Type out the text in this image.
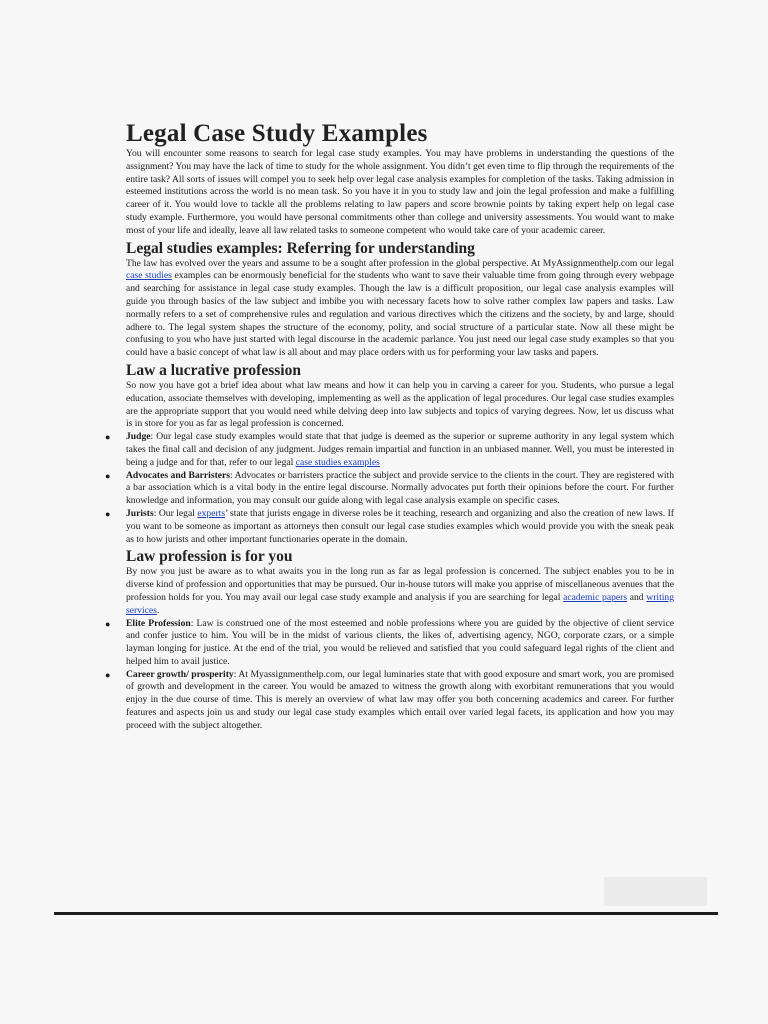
Legal Case Study Examples

You will encounter some reasons to search for legal case study examples. You may have problems in understanding the questions of the assignment? You may have the lack of time to study for the whole assignment. You didn’t get even time to flip through the requirements of the entire task? All sorts of issues will compel you to seek help over legal case analysis examples for completion of the tasks. Taking admission in esteemed institutions across the world is no mean task. So you have it in you to study law and join the legal profession and make a fulfilling career of it. You would love to tackle all the problems relating to law papers and score brownie points by taking expert help on legal case study example. Furthermore, you would have personal commitments other than college and university assessments. You would want to make most of your life and ideally, leave all law related tasks to someone competent who would take care of your academic career.

Legal studies examples: Referring for understanding

The law has evolved over the years and assume to be a sought after profession in the global perspective. At MyAssignmenthelp.com our legal case studies examples can be enormously beneficial for the students who want to save their valuable time from going through every webpage and searching for assistance in legal case study examples. Though the law is a difficult proposition, our legal case analysis examples will guide you through basics of the law subject and imbibe you with necessary facets how to solve rather complex law papers and tasks. Law normally refers to a set of comprehensive rules and regulation and various directives which the citizens and the society, by and large, should adhere to. The legal system shapes the structure of the economy, polity, and social structure of a particular state. Now all these might be confusing to you who have just started with legal discourse in the academic parlance. You just need our legal case study examples so that you could have a basic concept of what law is all about and may place orders with us for performing your law tasks and papers.

Law a lucrative profession

So now you have got a brief idea about what law means and how it can help you in carving a career for you. Students, who pursue a legal education, associate themselves with developing, implementing as well as the application of legal procedures. Our legal case studies examples are the appropriate support that you would need while delving deep into law subjects and topics of varying degrees. Now, let us discuss what is in store for you as far as legal profession is concerned.

● Judge: Our legal case study examples would state that that judge is deemed as the superior or supreme authority in any legal system which takes the final call and decision of any judgment. Judges remain impartial and function in an unbiased manner. Well, you must be interested in being a judge and for that, refer to our legal case studies examples

● Advocates and Barristers: Advocates or barristers practice the subject and provide service to the clients in the court. They are registered with a bar association which is a vital body in the entire legal discourse. Normally advocates put forth their opinions before the court. For further knowledge and information, you may consult our guide along with legal case analysis example on specific cases.

● Jurists: Our legal experts’ state that jurists engage in diverse roles be it teaching, research and organizing and also the creation of new laws. If you want to be someone as important as attorneys then consult our legal case studies examples which would provide you with the sneak peak as to how jurists and other important functionaries operate in the domain.

Law profession is for you

By now you just be aware as to what awaits you in the long run as far as legal profession is concerned. The subject enables you to be in diverse kind of profession and opportunities that may be pursued. Our in-house tutors will make you apprise of miscellaneous avenues that the profession holds for you. You may avail our legal case study example and analysis if you are searching for legal academic papers and writing services.

● Elite Profession: Law is construed one of the most esteemed and noble professions where you are guided by the objective of client service and confer justice to him. You will be in the midst of various clients, the likes of, advertising agency, NGO, corporate czars, or a simple layman longing for justice. At the end of the trial, you would be relieved and satisfied that you could safeguard legal rights of the client and helped him to avail justice.

● Career growth/ prosperity: At Myassignmenthelp.com, our legal luminaries state that with good exposure and smart work, you are promised of growth and development in the career. You would be amazed to witness the growth along with exorbitant remunerations that you would enjoy in the due course of time. This is merely an overview of what law may offer you both concerning academics and career. For further features and aspects join us and study our legal case study examples which entail over varied legal facets, its application and how you may proceed with the subject altogether.
